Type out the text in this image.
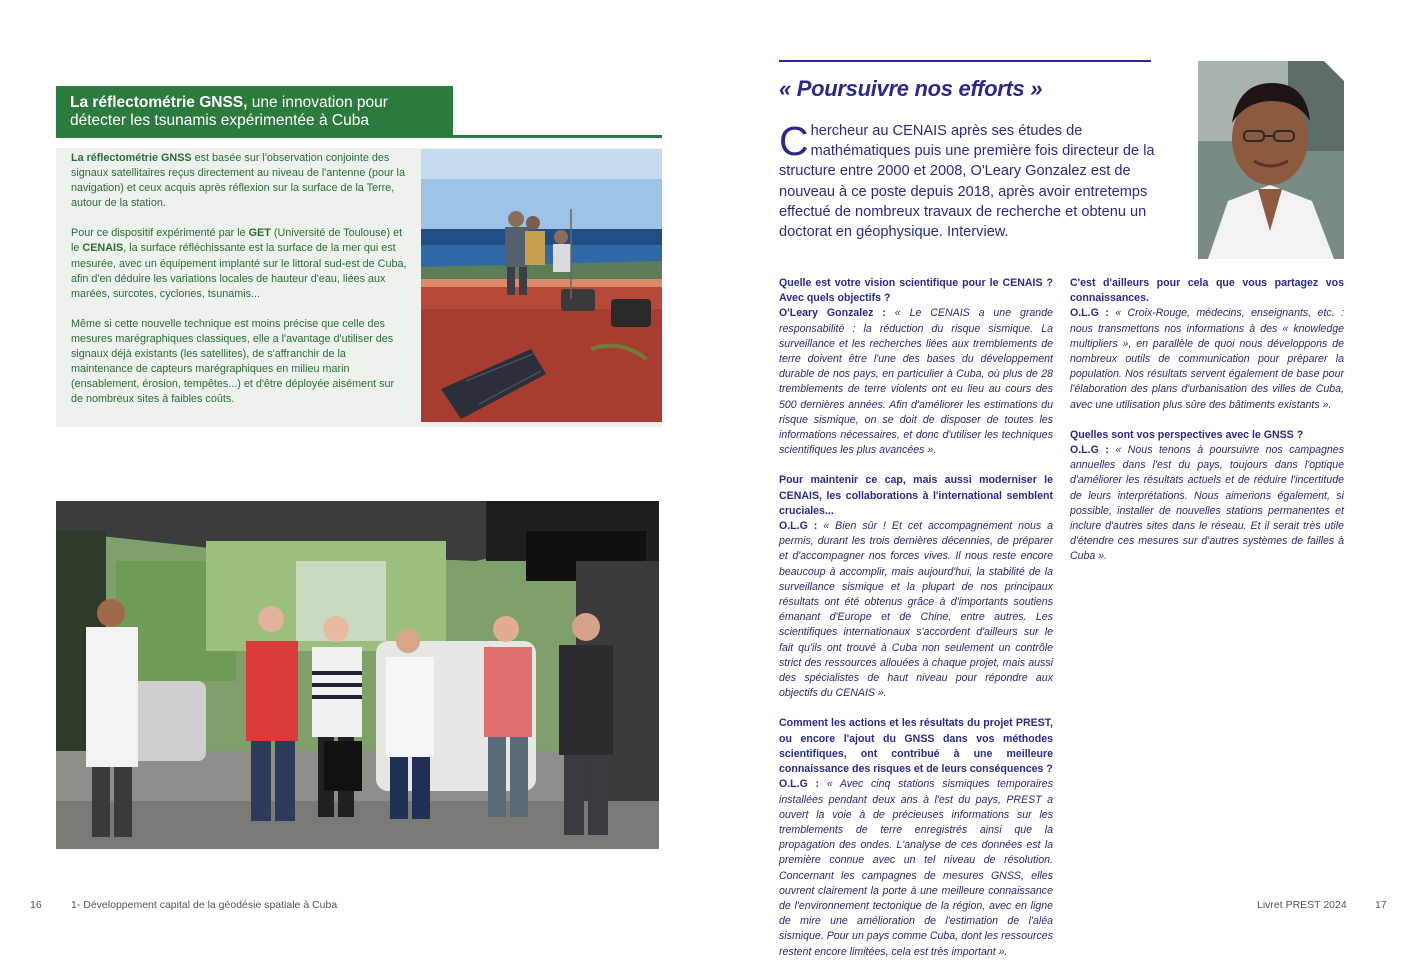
La réflectométrie GNSS, une innovation pour détecter les tsunamis expérimentée à Cuba

La réflectométrie GNSS est basée sur l'observation conjointe des signaux satellitaires reçus directement au niveau de l'antenne (pour la navigation) et ceux acquis après réflexion sur la surface de la Terre, autour de la station.

Pour ce dispositif expérimenté par le GET (Université de Toulouse) et le CENAIS, la surface réfléchissante est la surface de la mer qui est mesurée, avec un équipement implanté sur le littoral sud-est de Cuba, afin d'en déduire les variations locales de hauteur d'eau, liées aux marées, surcotes, cyclones, tsunamis...

Même si cette nouvelle technique est moins précise que celle des mesures marégraphiques classiques, elle a l'avantage d'utiliser des signaux déjà existants (les satellites), de s'affranchir de la maintenance de capteurs marégraphiques en milieu marin (ensablement, érosion, tempêtes...) et d'être déployée aisément sur de nombreux sites à faibles coûts.

« Poursuivre nos efforts »
Chercheur au CENAIS après ses études de mathématiques puis une première fois directeur de la structure entre 2000 et 2008, O'Leary Gonzalez est de nouveau à ce poste depuis 2018, après avoir entretemps effectué de nombreux travaux de recherche et obtenu un doctorat en géophysique. Interview.

Quelle est votre vision scientifique pour le CENAIS ? Avec quels objectifs ?
O'Leary Gonzalez : « Le CENAIS a une grande responsabilité : la réduction du risque sismique. La surveillance et les recherches liées aux tremblements de terre doivent être l'une des bases du développement durable de nos pays, en particulier à Cuba, où plus de 28 tremblements de terre violents ont eu lieu au cours des 500 dernières années. Afin d'améliorer les estimations du risque sismique, on se doit de disposer de toutes les informations nécessaires, et donc d'utiliser les techniques scientifiques les plus avancées ».

Pour maintenir ce cap, mais aussi moderniser le CENAIS, les collaborations à l'international semblent cruciales...
O.L.G : « Bien sûr ! Et cet accompagnement nous a permis, durant les trois dernières décennies, de préparer et d'accompagner nos forces vives. Il nous reste encore beaucoup à accomplir, mais aujourd'hui, la stabilité de la surveillance sismique et la plupart de nos principaux résultats ont été obtenus grâce à d'importants soutiens émanant d'Europe et de Chine, entre autres. Les scientifiques internationaux s'accordent d'ailleurs sur le fait qu'ils ont trouvé à Cuba non seulement un contrôle strict des ressources allouées à chaque projet, mais aussi des spécialistes de haut niveau pour répondre aux objectifs du CENAIS ».

Comment les actions et les résultats du projet PREST, ou encore l'ajout du GNSS dans vos méthodes scientifiques, ont contribué à une meilleure connaissance des risques et de leurs conséquences ?
O.L.G : « Avec cinq stations sismiques temporaires installées pendant deux ans à l'est du pays, PREST a ouvert la voie à de précieuses informations sur les tremblements de terre enregistrés ainsi que la propagation des ondes. L'analyse de ces données est la première connue avec un tel niveau de résolution. Concernant les campagnes de mesures GNSS, elles ouvrent clairement la porte à une meilleure connaissance de l'environnement tectonique de la région, avec en ligne de mire une amélioration de l'estimation de l'aléa sismique. Pour un pays comme Cuba, dont les ressources restent encore limitées, cela est très important ».

C'est d'ailleurs pour cela que vous partagez vos connaissances.
O.L.G : « Croix-Rouge, médecins, enseignants, etc. : nous transmettons nos informations à des « knowledge multipliers », en parallèle de quoi nous développons de nombreux outils de communication pour préparer la population. Nos résultats servent également de base pour l'élaboration des plans d'urbanisation des villes de Cuba, avec une utilisation plus sûre des bâtiments existants ».

Quelles sont vos perspectives avec le GNSS ?
O.L.G : « Nous tenons à poursuivre nos campagnes annuelles dans l'est du pays, toujours dans l'optique d'améliorer les résultats actuels et de réduire l'incertitude de leurs interprétations. Nous aimerions également, si possible, installer de nouvelles stations permanentes et inclure d'autres sites dans le réseau. Et il serait très utile d'étendre ces mesures sur d'autres systèmes de failles à Cuba ».

16	1- Développement capital de la géodésie spatiale à Cuba	Livret PREST 2024	17
